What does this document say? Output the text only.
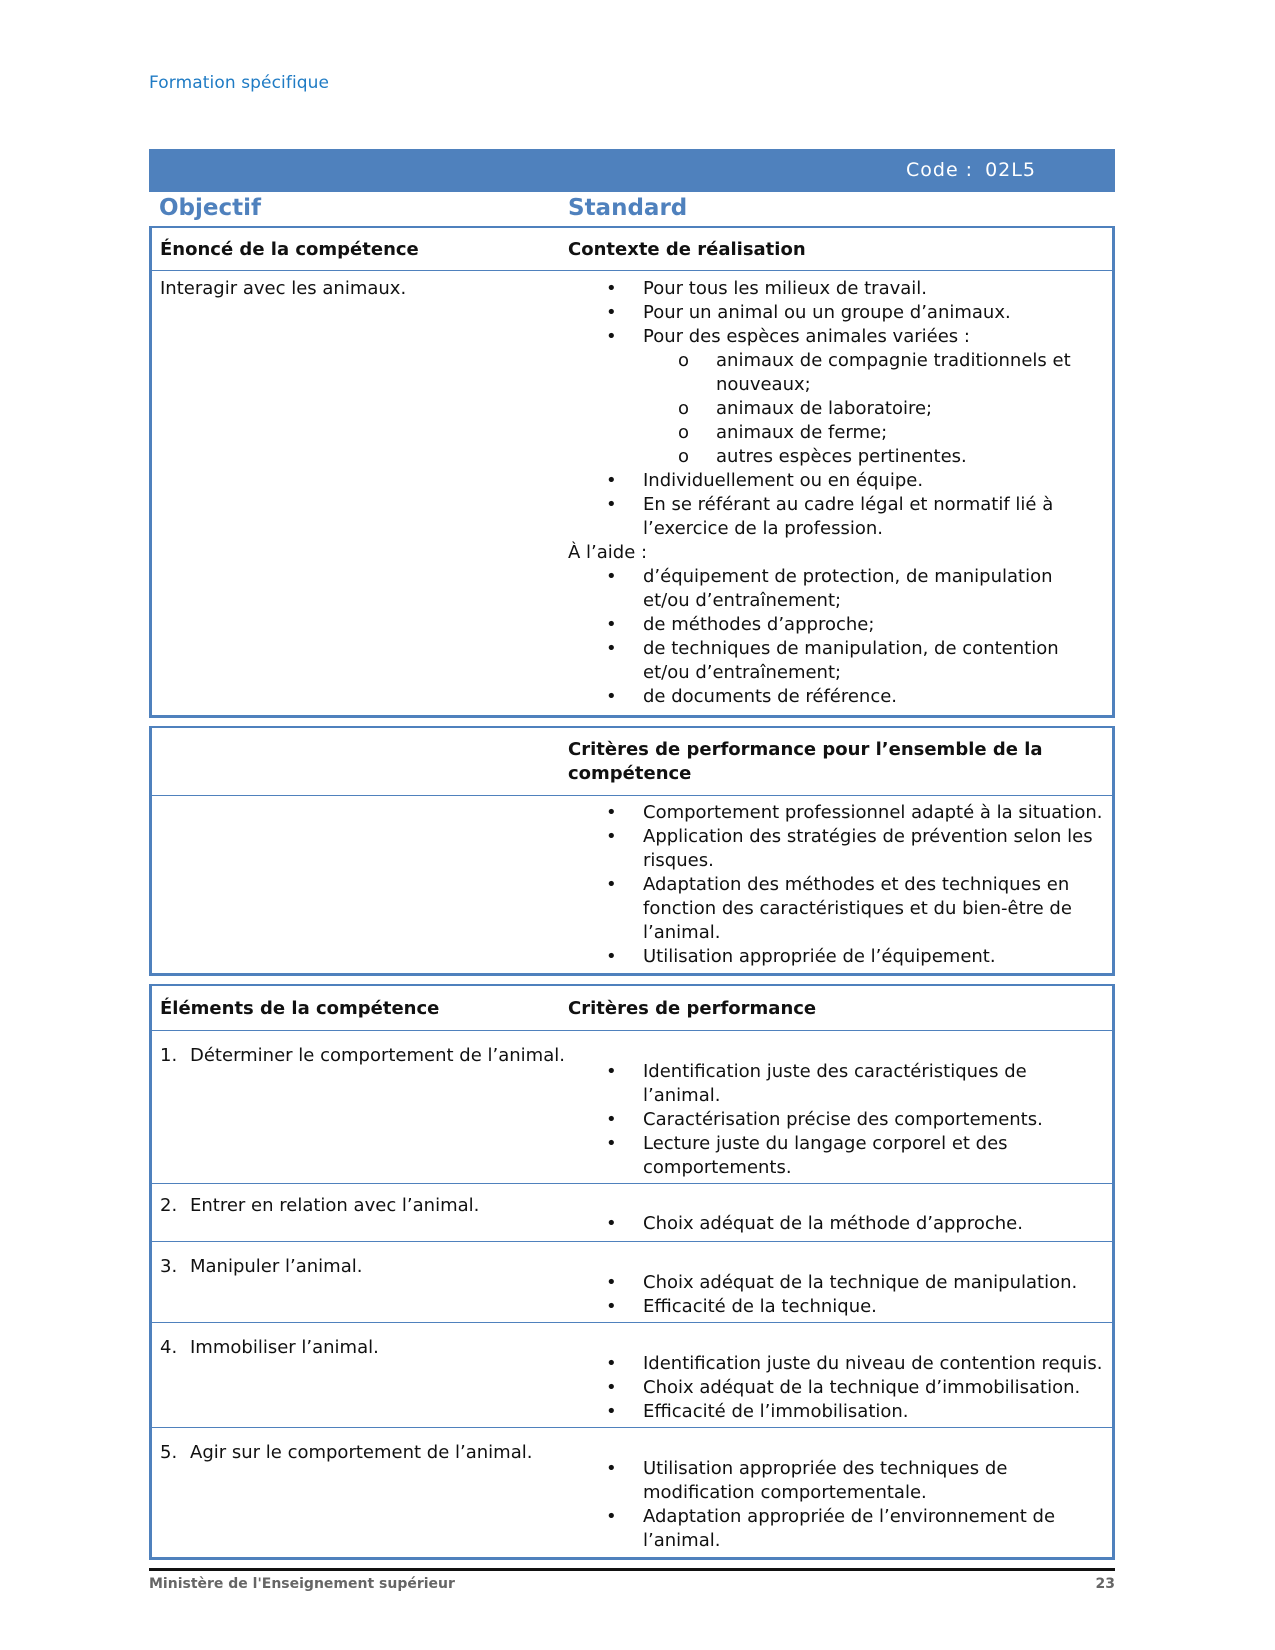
Formation spécifique
Code : 02L5
Objectif	Standard
Énoncé de la compétence	Contexte de réalisation
Interagir avec les animaux.	• Pour tous les milieux de travail.
• Pour un animal ou un groupe d’animaux.
• Pour des espèces animales variées :
o animaux de compagnie traditionnels et nouveaux;
o animaux de laboratoire;
o animaux de ferme;
o autres espèces pertinentes.
• Individuellement ou en équipe.
• En se référant au cadre légal et normatif lié à l’exercice de la profession.
À l’aide :
• d’équipement de protection, de manipulation et/ou d’entraînement;
• de méthodes d’approche;
• de techniques de manipulation, de contention et/ou d’entraînement;
• de documents de référence.
Critères de performance pour l’ensemble de la compétence
• Comportement professionnel adapté à la situation.
• Application des stratégies de prévention selon les risques.
• Adaptation des méthodes et des techniques en fonction des caractéristiques et du bien-être de l’animal.
• Utilisation appropriée de l’équipement.
Éléments de la compétence	Critères de performance
1. Déterminer le comportement de l’animal.
• Identification juste des caractéristiques de l’animal.
• Caractérisation précise des comportements.
• Lecture juste du langage corporel et des comportements.
2. Entrer en relation avec l’animal.
• Choix adéquat de la méthode d’approche.
3. Manipuler l’animal.
• Choix adéquat de la technique de manipulation.
• Efficacité de la technique.
4. Immobiliser l’animal.
• Identification juste du niveau de contention requis.
• Choix adéquat de la technique d’immobilisation.
• Efficacité de l’immobilisation.
5. Agir sur le comportement de l’animal.
• Utilisation appropriée des techniques de modification comportementale.
• Adaptation appropriée de l’environnement de l’animal.
Ministère de l'Enseignement supérieur	23
